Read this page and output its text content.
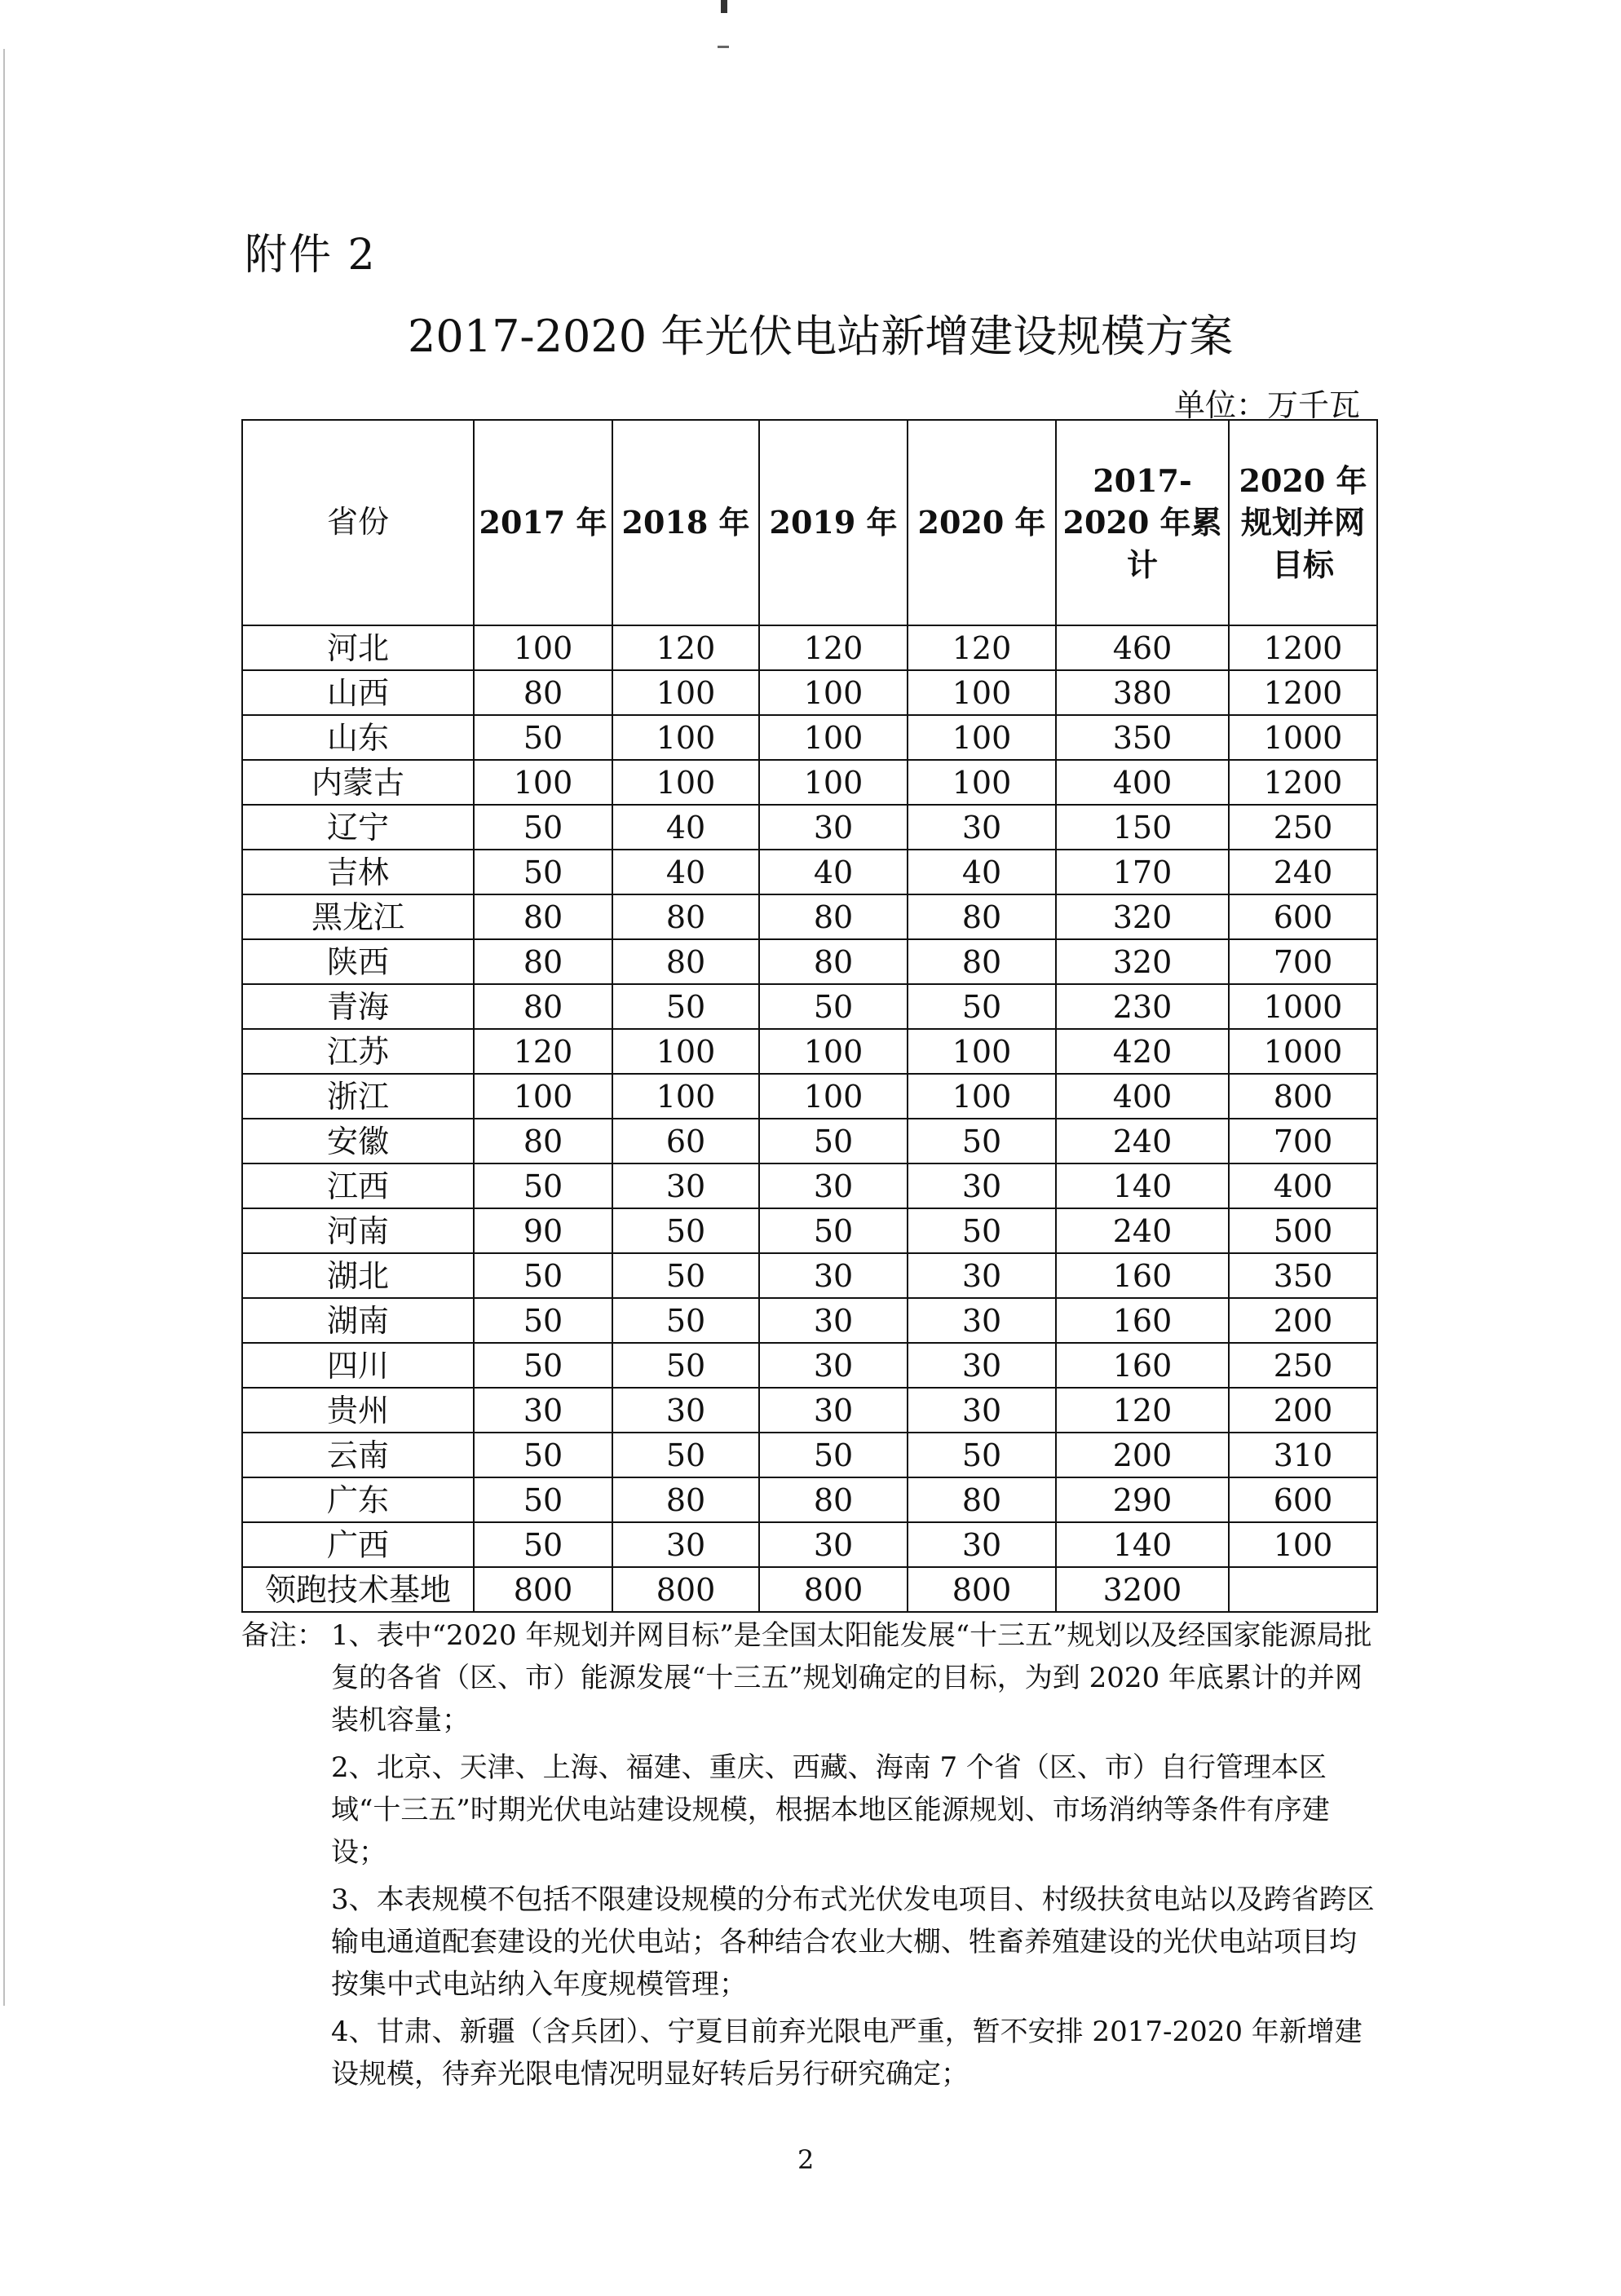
附件 2
2017-2020 年光伏电站新增建设规模方案
单位：万千瓦
省份	2017 年	2018 年	2019 年	2020 年	2017-2020 年累计	2020 年规划并网目标
河北	100	120	120	120	460	1200
山西	80	100	100	100	380	1200
山东	50	100	100	100	350	1000
内蒙古	100	100	100	100	400	1200
辽宁	50	40	30	30	150	250
吉林	50	40	40	40	170	240
黑龙江	80	80	80	80	320	600
陕西	80	80	80	80	320	700
青海	80	50	50	50	230	1000
江苏	120	100	100	100	420	1000
浙江	100	100	100	100	400	800
安徽	80	60	50	50	240	700
江西	50	30	30	30	140	400
河南	90	50	50	50	240	500
湖北	50	50	30	30	160	350
湖南	50	50	30	30	160	200
四川	50	50	30	30	160	250
贵州	30	30	30	30	120	200
云南	50	50	50	50	200	310
广东	50	80	80	80	290	600
广西	50	30	30	30	140	100
领跑技术基地	800	800	800	800	3200	
备注： 1、表中“2020 年规划并网目标”是全国太阳能发展“十三五”规划以及经国家能源局批复的各省（区、市）能源发展“十三五”规划确定的目标，为到 2020 年底累计的并网装机容量；
2、北京、天津、上海、福建、重庆、西藏、海南 7 个省（区、市）自行管理本区域“十三五”时期光伏电站建设规模，根据本地区能源规划、市场消纳等条件有序建设；
3、本表规模不包括不限建设规模的分布式光伏发电项目、村级扶贫电站以及跨省跨区输电通道配套建设的光伏电站；各种结合农业大棚、牲畜养殖建设的光伏电站项目均按集中式电站纳入年度规模管理；
4、甘肃、新疆（含兵团）、宁夏目前弃光限电严重，暂不安排 2017-2020 年新增建设规模，待弃光限电情况明显好转后另行研究确定；
2
